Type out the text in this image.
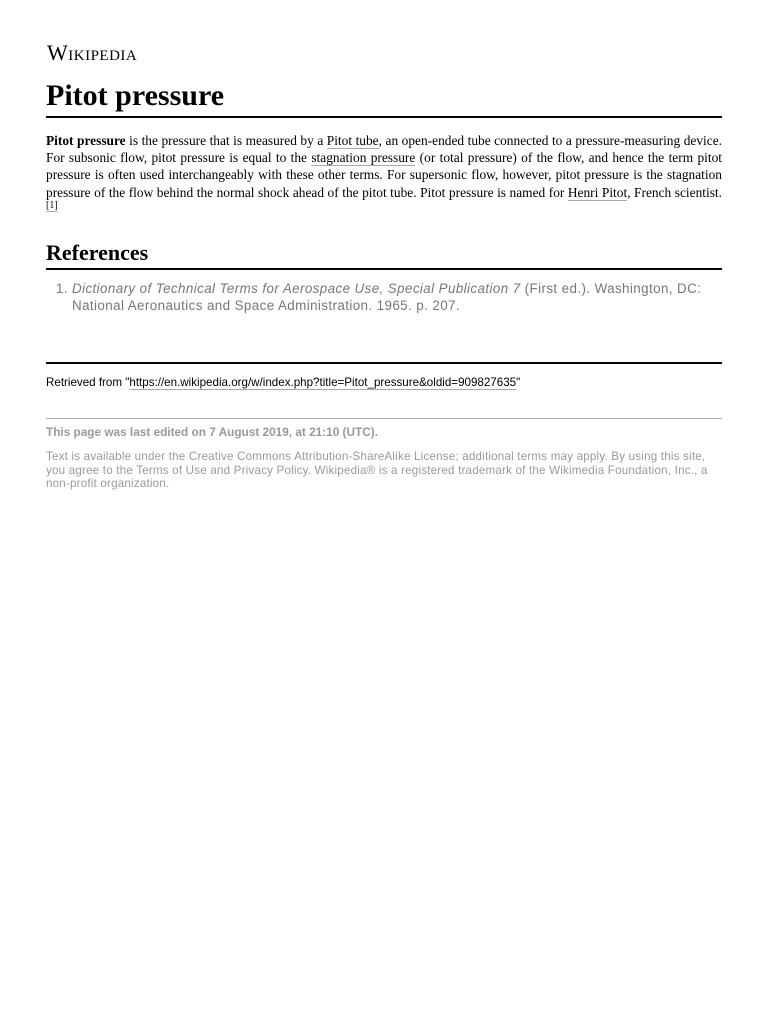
Wikipedia
Pitot pressure

Pitot pressure is the pressure that is measured by a Pitot tube, an open-ended tube connected to a pressure-measuring device. For subsonic flow, pitot pressure is equal to the stagnation pressure (or total pressure) of the flow, and hence the term pitot pressure is often used interchangeably with these other terms. For supersonic flow, however, pitot pressure is the stagnation pressure of the flow behind the normal shock ahead of the pitot tube. Pitot pressure is named for Henri Pitot, French scientist.[1]

References
1. Dictionary of Technical Terms for Aerospace Use, Special Publication 7 (First ed.). Washington, DC: National Aeronautics and Space Administration. 1965. p. 207.
Retrieved from "https://en.wikipedia.org/w/index.php?title=Pitot_pressure&oldid=909827635"
This page was last edited on 7 August 2019, at 21:10 (UTC).
Text is available under the Creative Commons Attribution-ShareAlike License; additional terms may apply. By using this site, you agree to the Terms of Use and Privacy Policy. Wikipedia® is a registered trademark of the Wikimedia Foundation, Inc., a non-profit organization.
